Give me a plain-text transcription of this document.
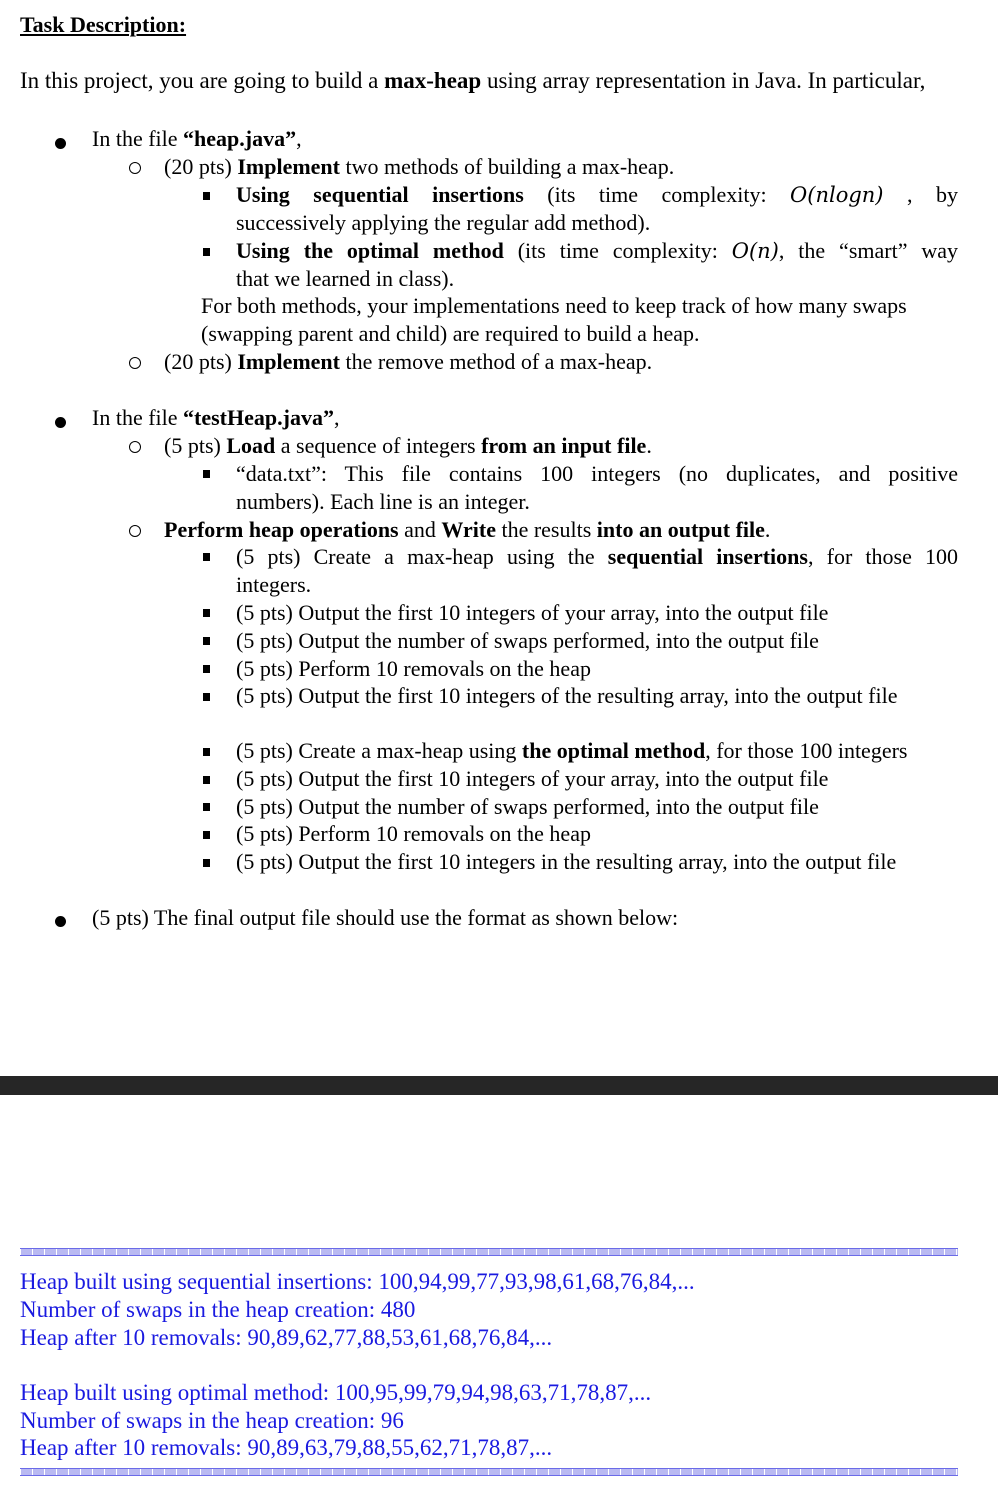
Task Description:
In this project, you are going to build a max-heap using array representation in Java. In particular,
In the file “heap.java”,
(20 pts) Implement two methods of building a max-heap.
Using sequential insertions (its time complexity: O(nlogn) , by
successively applying the regular add method).
Using the optimal method (its time complexity: O(n), the “smart” way
that we learned in class).
For both methods, your implementations need to keep track of how many swaps
(swapping parent and child) are required to build a heap.
(20 pts) Implement the remove method of a max-heap.
In the file “testHeap.java”,
(5 pts) Load a sequence of integers from an input file.
“data.txt”: This file contains 100 integers (no duplicates, and positive
numbers). Each line is an integer.
Perform heap operations and Write the results into an output file.
(5 pts) Create a max-heap using the sequential insertions, for those 100
integers.
(5 pts) Output the first 10 integers of your array, into the output file
(5 pts) Output the number of swaps performed, into the output file
(5 pts) Perform 10 removals on the heap
(5 pts) Output the first 10 integers of the resulting array, into the output file
(5 pts) Create a max-heap using the optimal method, for those 100 integers
(5 pts) Output the first 10 integers of your array, into the output file
(5 pts) Output the number of swaps performed, into the output file
(5 pts) Perform 10 removals on the heap
(5 pts) Output the first 10 integers in the resulting array, into the output file
(5 pts) The final output file should use the format as shown below:
Heap built using sequential insertions: 100,94,99,77,93,98,61,68,76,84,...
Number of swaps in the heap creation: 480
Heap after 10 removals: 90,89,62,77,88,53,61,68,76,84,...
Heap built using optimal method: 100,95,99,79,94,98,63,71,78,87,...
Number of swaps in the heap creation: 96
Heap after 10 removals: 90,89,63,79,88,55,62,71,78,87,...
